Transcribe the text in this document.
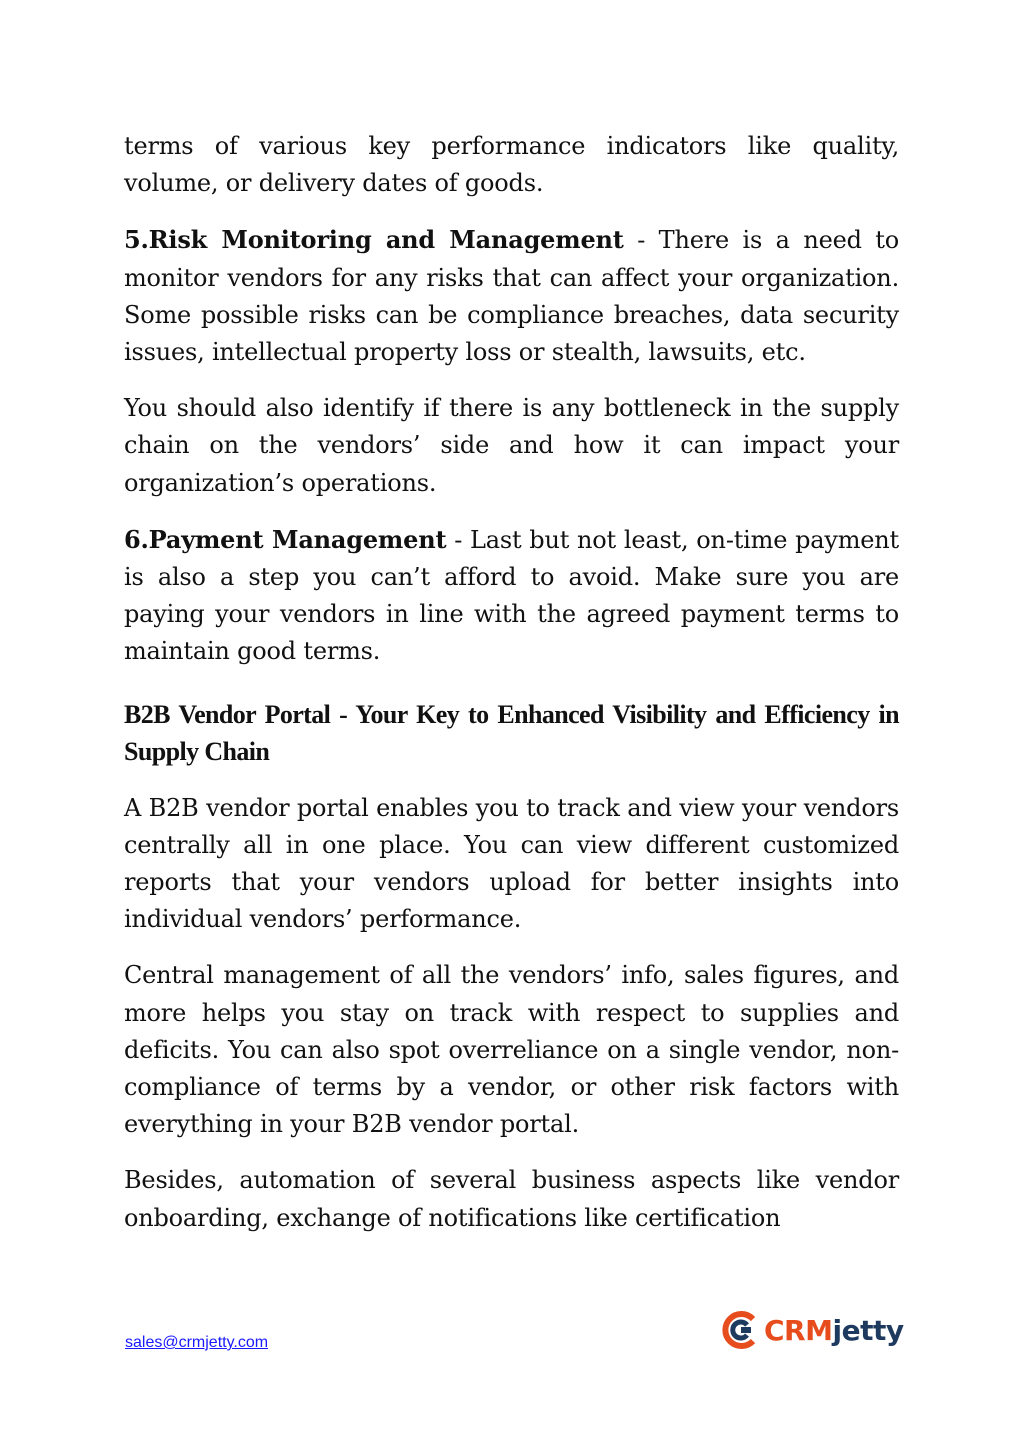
terms of various key performance indicators like quality, volume, or delivery dates of goods.

5.Risk Monitoring and Management - There is a need to monitor vendors for any risks that can affect your organization. Some possible risks can be compliance breaches, data security issues, intellectual property loss or stealth, lawsuits, etc.

You should also identify if there is any bottleneck in the supply chain on the vendors’ side and how it can impact your organization’s operations.

6.Payment Management - Last but not least, on-time payment is also a step you can’t afford to avoid. Make sure you are paying your vendors in line with the agreed payment terms to maintain good terms.

B2B Vendor Portal - Your Key to Enhanced Visibility and Efficiency in Supply Chain

A B2B vendor portal enables you to track and view your vendors centrally all in one place. You can view different customized reports that your vendors upload for better insights into individual vendors’ performance.

Central management of all the vendors’ info, sales figures, and more helps you stay on track with respect to supplies and deficits. You can also spot overreliance on a single vendor, non-compliance of terms by a vendor, or other risk factors with everything in your B2B vendor portal.

Besides, automation of several business aspects like vendor onboarding, exchange of notifications like certification

sales@crmjetty.com	CRMjetty
